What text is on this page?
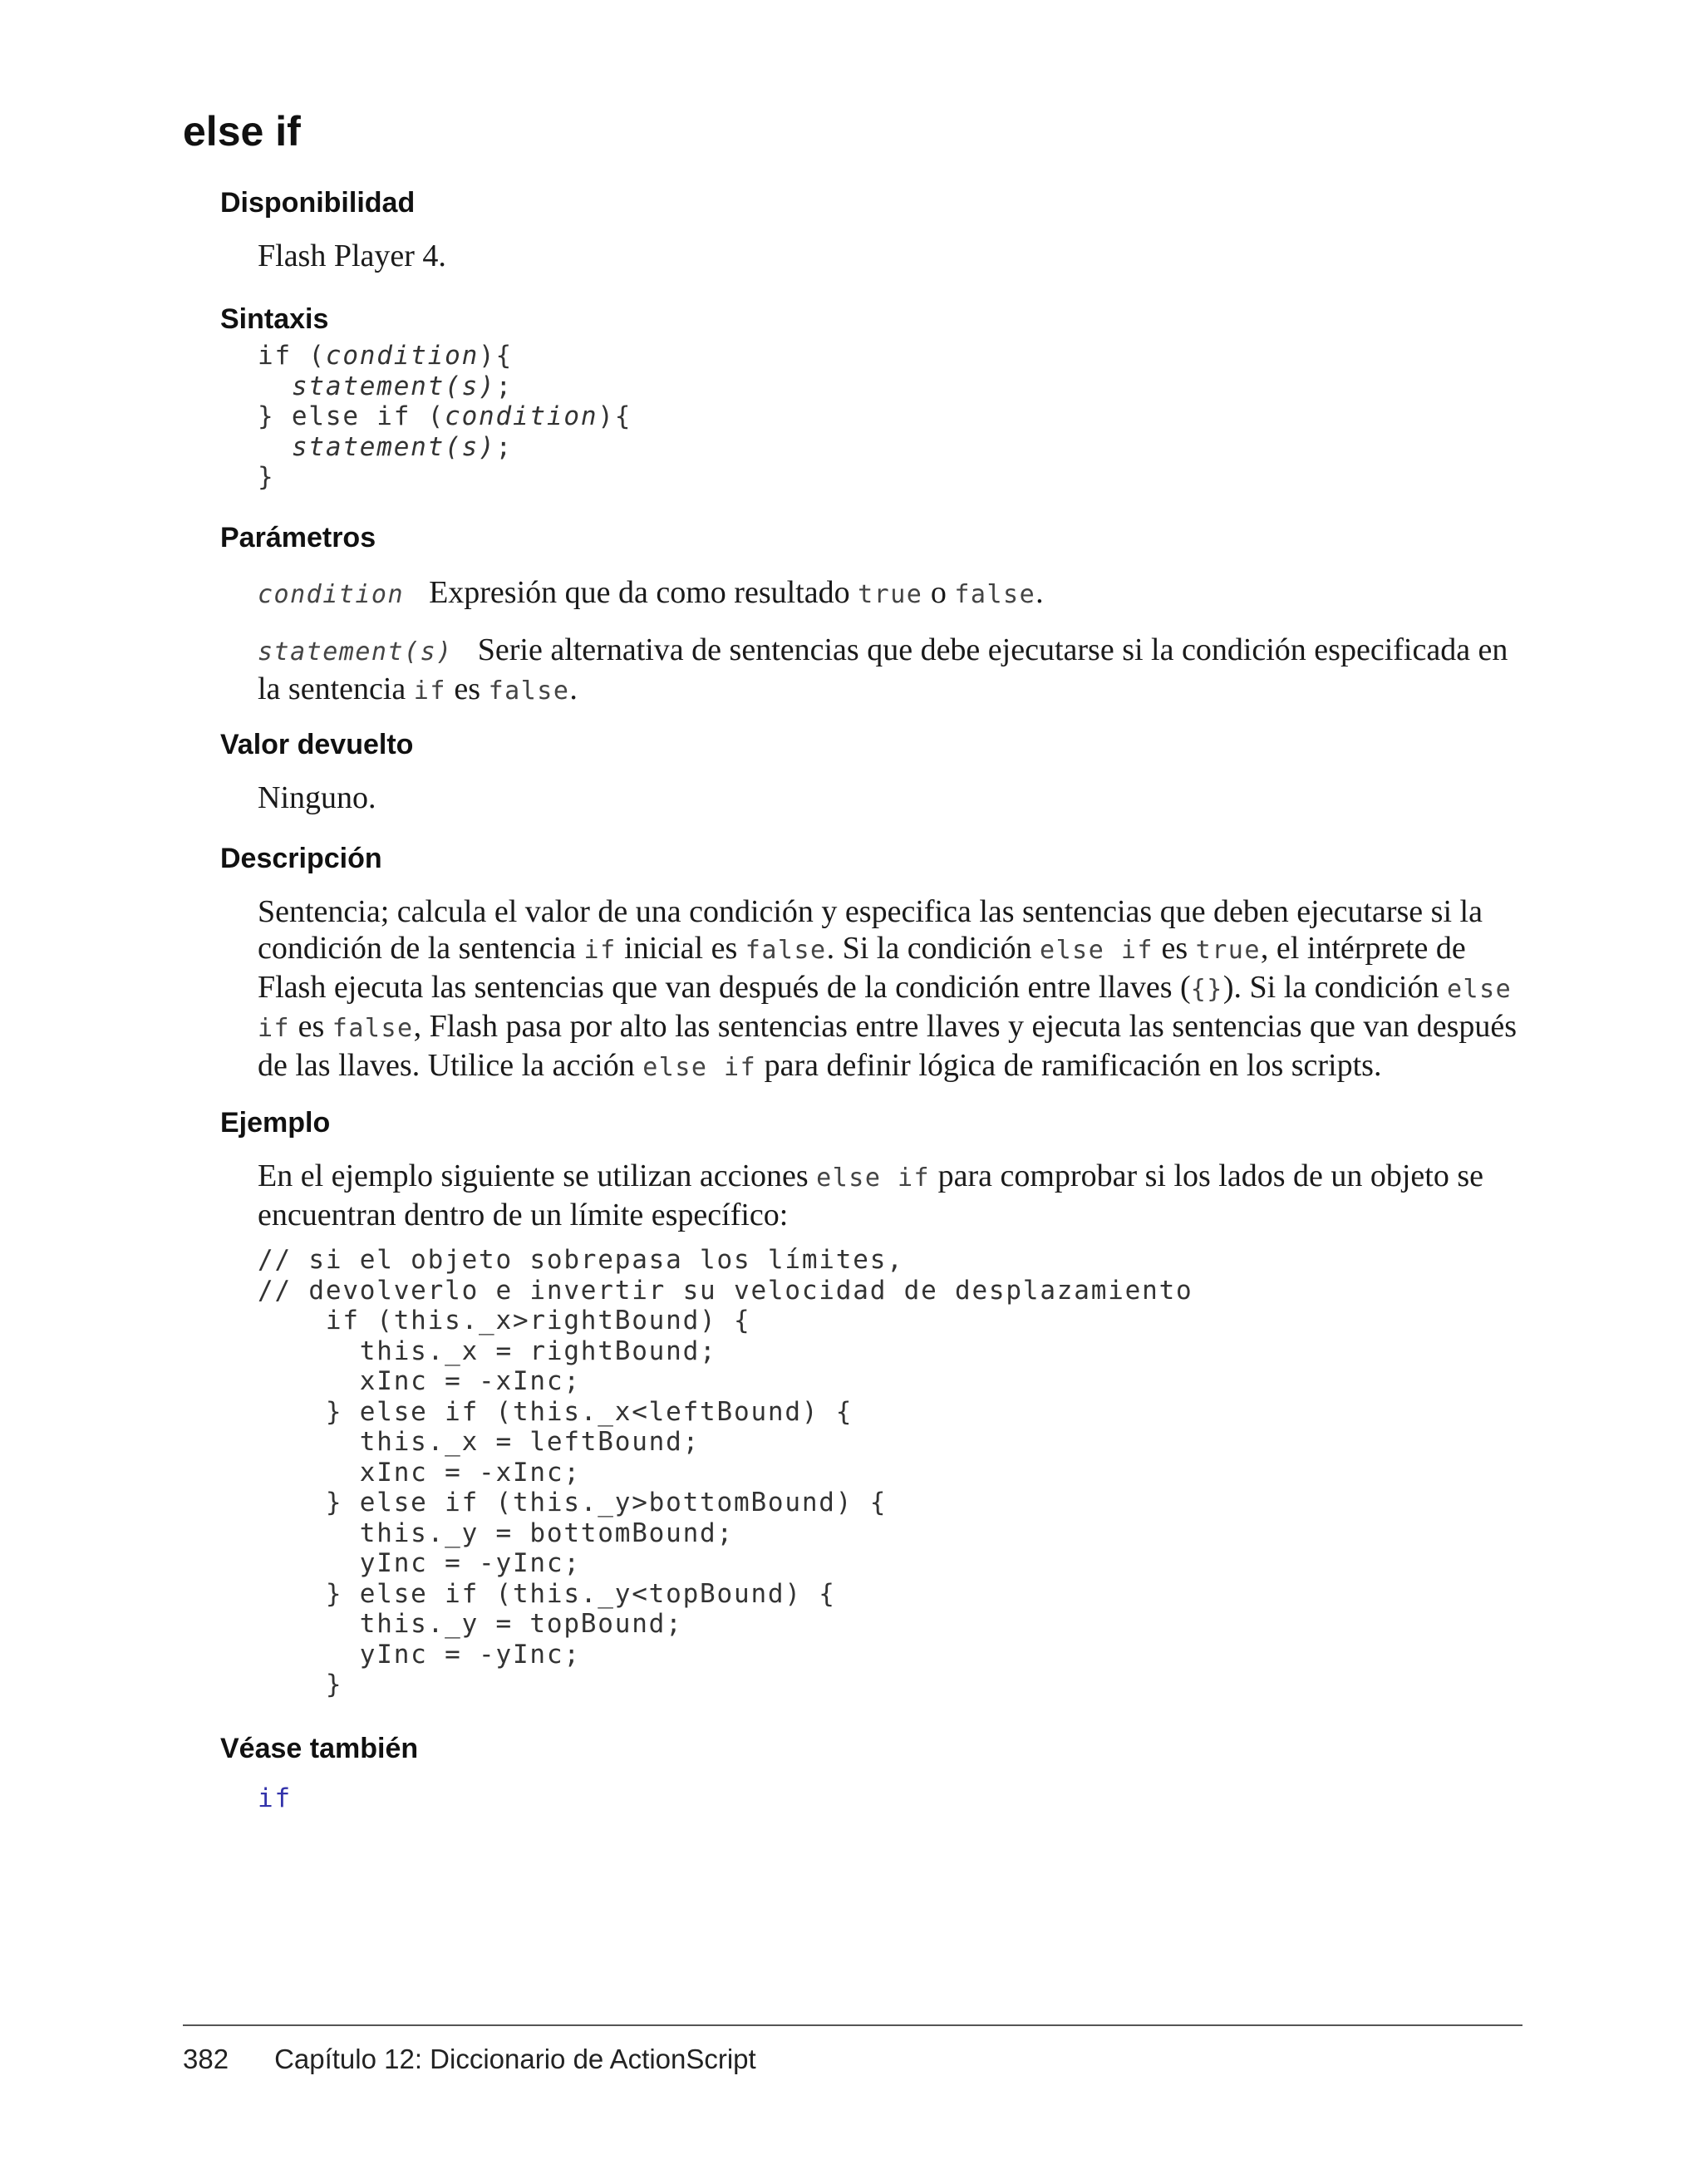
else if
Disponibilidad

Flash Player 4.

Sintaxis
if (condition){
statement(s);
} else if (condition){
statement(s);
}
Parámetros

condition Expresión que da como resultado true o false.

statement(s) Serie alternativa de sentencias que debe ejecutarse si la condición especificada en la sentencia if es false.

Valor devuelto

Ninguno.

Descripción

Sentencia; calcula el valor de una condición y especifica las sentencias que deben ejecutarse si la condición de la sentencia if inicial es false. Si la condición else if es true, el intérprete de Flash ejecuta las sentencias que van después de la condición entre llaves ({}). Si la condición else if es false, Flash pasa por alto las sentencias entre llaves y ejecuta las sentencias que van después de las llaves. Utilice la acción else if para definir lógica de ramificación en los scripts.

Ejemplo

En el ejemplo siguiente se utilizan acciones else if para comprobar si los lados de un objeto se encuentran dentro de un límite específico:

// si el objeto sobrepasa los límites,
// devolverlo e invertir su velocidad de desplazamiento
if (this._x>rightBound) {
this._x = rightBound;
xInc = -xInc;
} else if (this._x<leftBound) {
this._x = leftBound;
xInc = -xInc;
} else if (this._y>bottomBound) {
this._y = bottomBound;
yInc = -yInc;
} else if (this._y<topBound) {
this._y = topBound;
yInc = -yInc;
}
Véase también

if

382 Capítulo 12: Diccionario de ActionScript
